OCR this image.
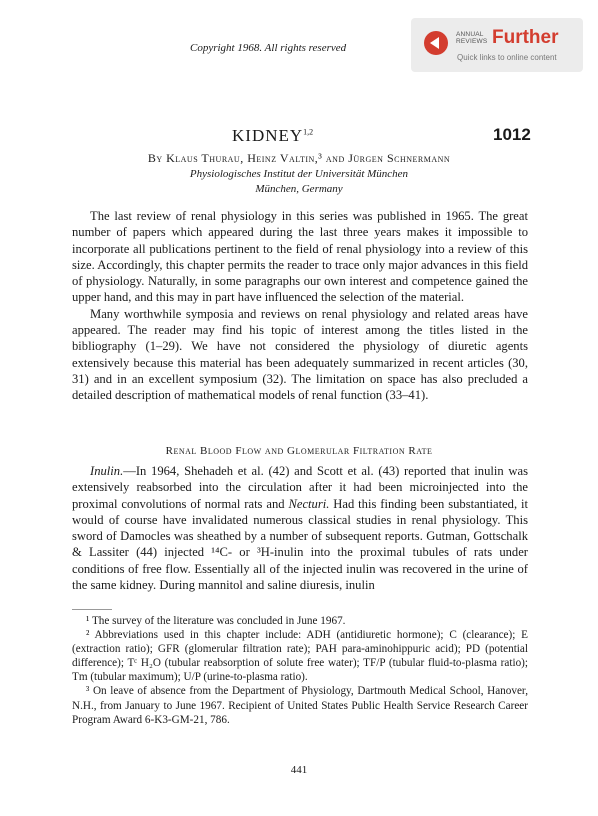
Copyright 1968. All rights reserved
ANNUAL
REVIEWS Further
Quick links to online content
KIDNEY$^{1,2}$	1012
By Klaus Thurau, Heinz Valtin,³ and Jürgen Schnermann
Physiologisches Institut der Universität München
München, Germany

The last review of renal physiology in this series was published in 1965. The great number of papers which appeared during the last three years makes it impossible to incorporate all publications pertinent to the field of renal physiology into a review of this size. Accordingly, this chapter permits the reader to trace only major advances in this field of physiology. Naturally, in some paragraphs our own interest and competence gained the upper hand, and this may in part have influenced the selection of the material.

Many worthwhile symposia and reviews on renal physiology and related areas have appeared. The reader may find his topic of interest among the titles listed in the bibliography (1–29). We have not considered the physiology of diuretic agents extensively because this material has been adequately summarized in recent articles (30, 31) and in an excellent symposium (32). The limitation on space has also precluded a detailed description of mathematical models of renal function (33–41).

Renal Blood Flow and Glomerular Filtration Rate

Inulin.—In 1964, Shehadeh et al. (42) and Scott et al. (43) reported that inulin was extensively reabsorbed into the circulation after it had been microinjected into the proximal convolutions of normal rats and Necturi. Had this finding been substantiated, it would of course have invalidated numerous classical studies in renal physiology. This sword of Damocles was sheathed by a number of subsequent reports. Gutman, Gottschalk & Lassiter (44) injected ¹⁴C- or ³H-inulin into the proximal tubules of rats under conditions of free flow. Essentially all of the injected inulin was recovered in the urine of the same kidney. During mannitol and saline diuresis, inulin

¹ The survey of the literature was concluded in June 1967.

² Abbreviations used in this chapter include: ADH (antidiuretic hormone); C (clearance); E (extraction ratio); GFR (glomerular filtration rate); PAH para-aminohippuric acid); PD (potential difference); Tᶜ H₂O (tubular reabsorption of solute free water); TF/P (tubular fluid-to-plasma ratio); Tm (tubular maximum); U/P (urine-to-plasma ratio).

³ On leave of absence from the Department of Physiology, Dartmouth Medical School, Hanover, N.H., from January to June 1967. Recipient of United States Public Health Service Research Career Program Award 6-K3-GM-21, 786.

441
